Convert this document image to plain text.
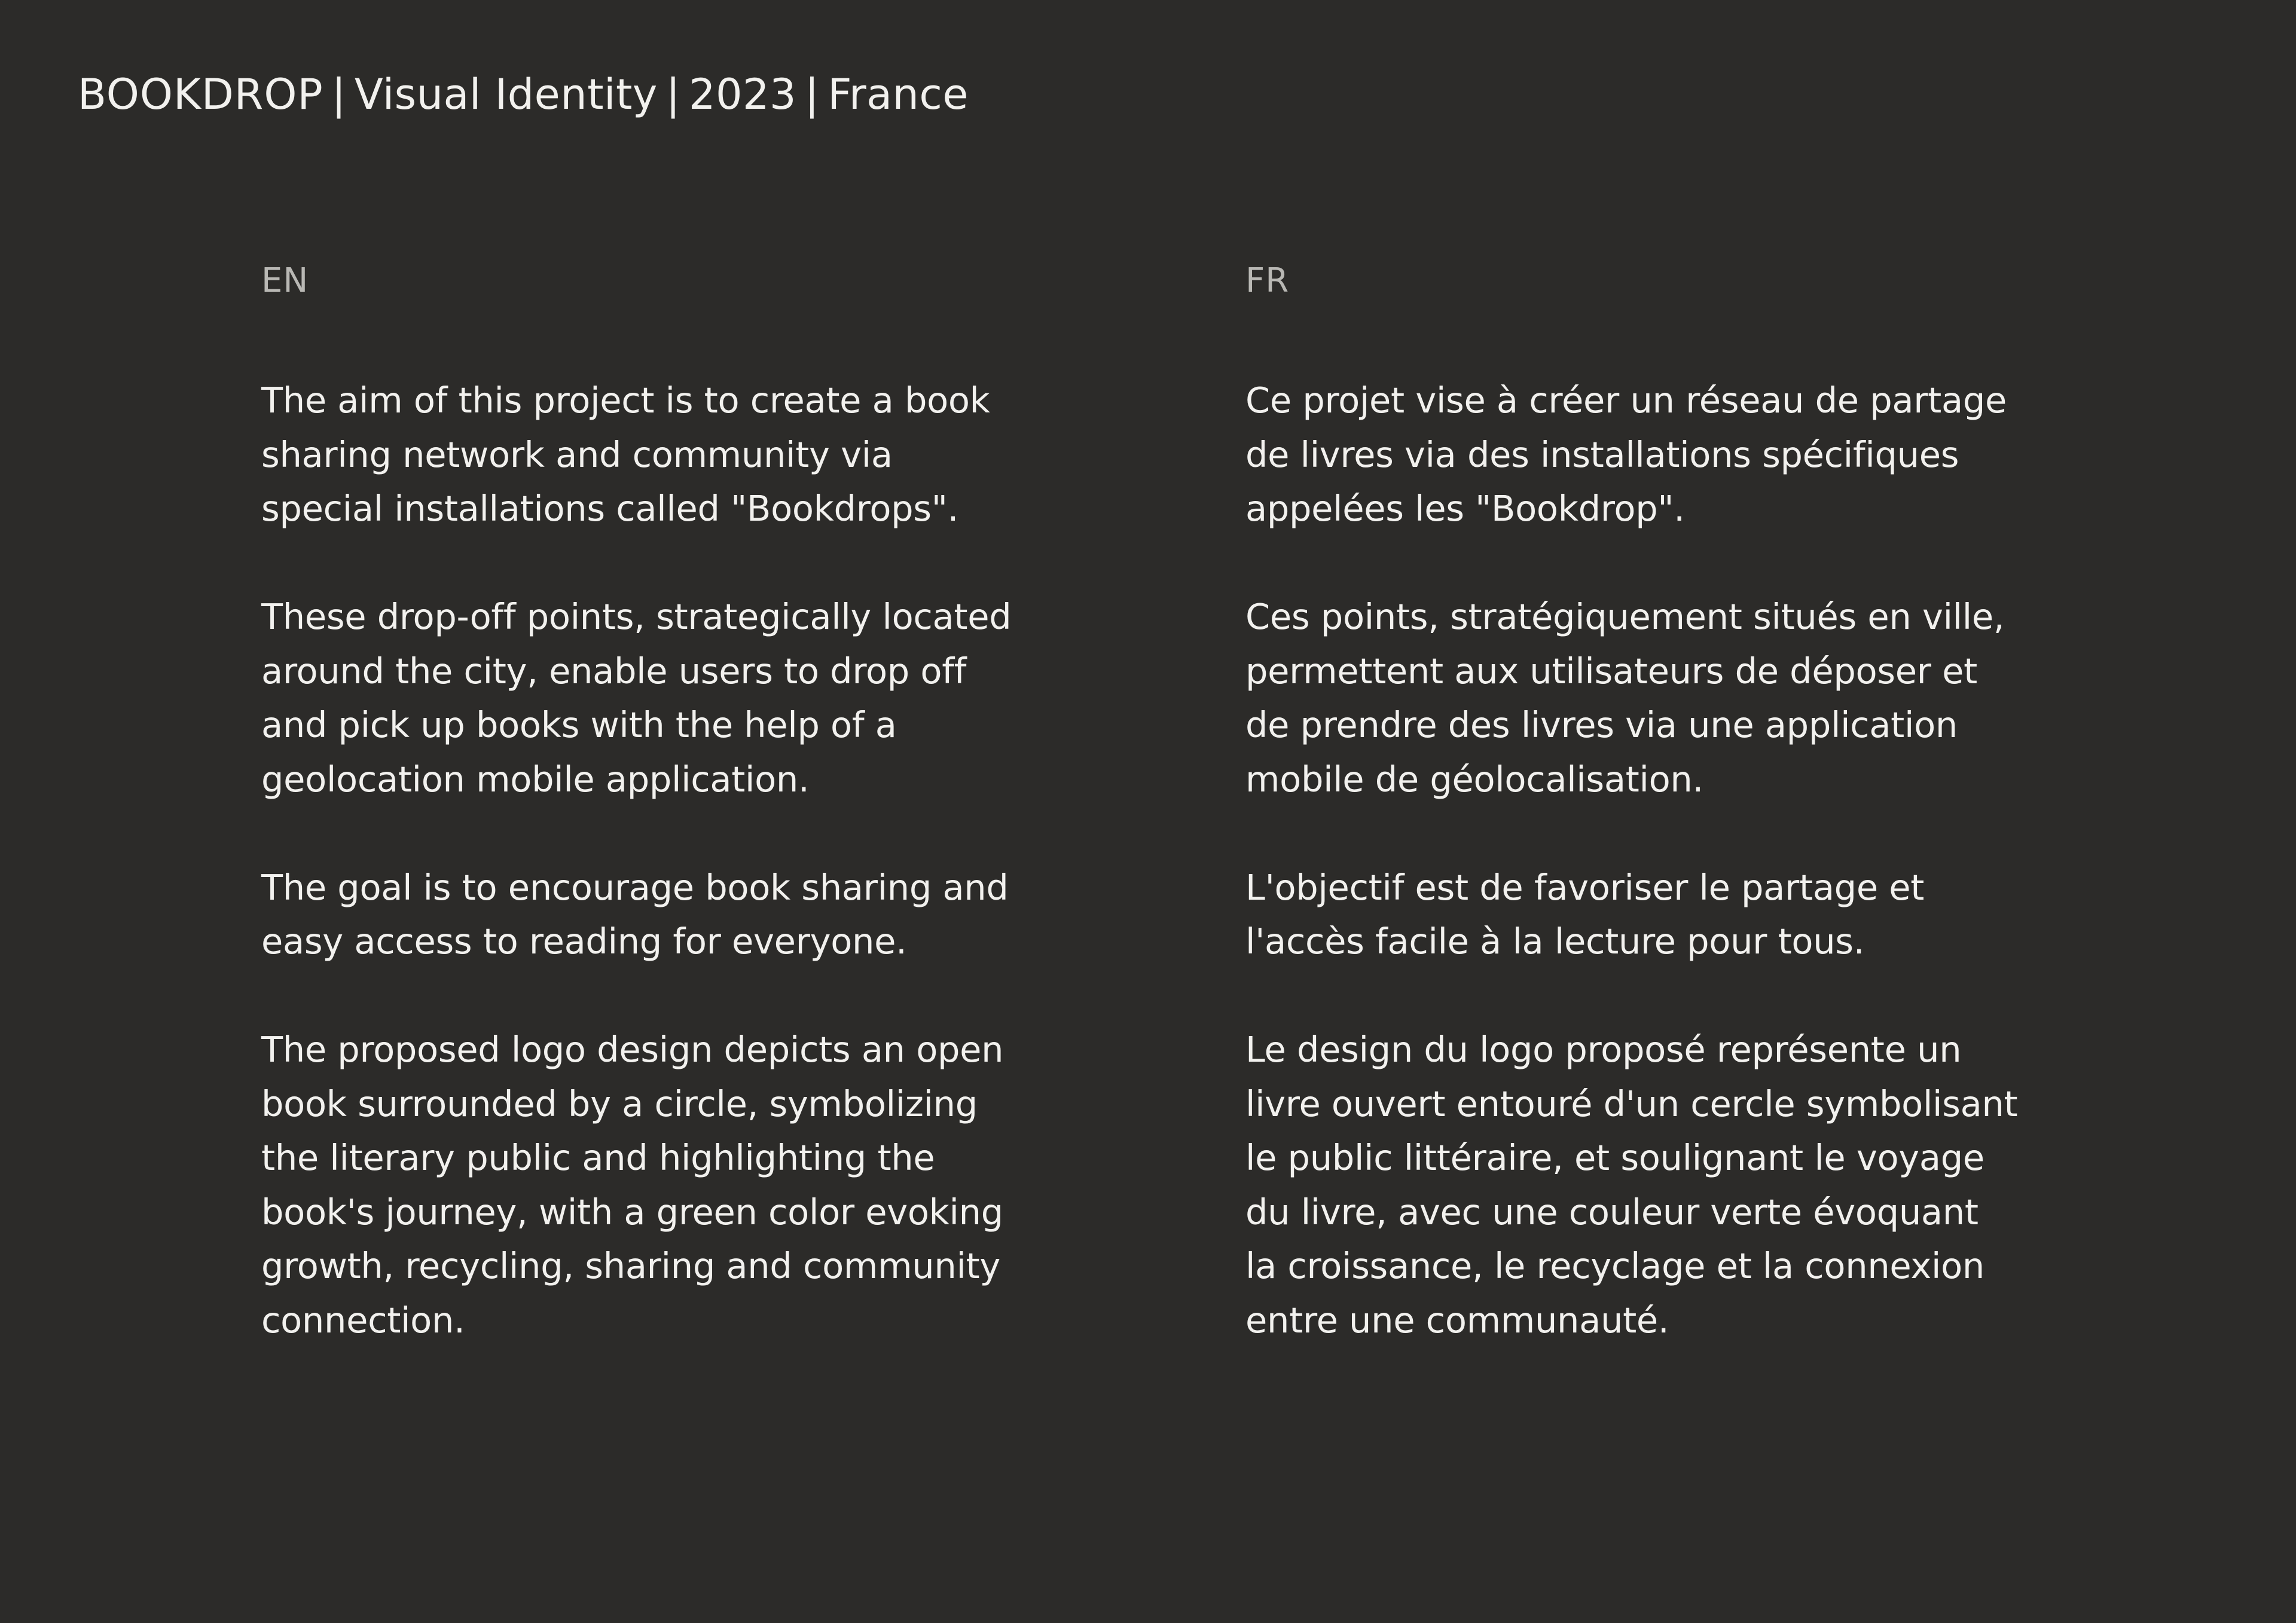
BOOKDROP | Visual Identity | 2023 | France
EN

The aim of this project is to create a book
sharing network and community via
special installations called "Bookdrops".

These drop-off points, strategically located
around the city, enable users to drop off
and pick up books with the help of a
geolocation mobile application.

The goal is to encourage book sharing and
easy access to reading for everyone.

The proposed logo design depicts an open
book surrounded by a circle, symbolizing
the literary public and highlighting the
book's journey, with a green color evoking
growth, recycling, sharing and community
connection.

FR

Ce projet vise à créer un réseau de partage
de livres via des installations spécifiques
appelées les "Bookdrop".

Ces points, stratégiquement situés en ville,
permettent aux utilisateurs de déposer et
de prendre des livres via une application
mobile de géolocalisation.

L'objectif est de favoriser le partage et
l'accès facile à la lecture pour tous.

Le design du logo proposé représente un
livre ouvert entouré d'un cercle symbolisant
le public littéraire, et soulignant le voyage
du livre, avec une couleur verte évoquant
la croissance, le recyclage et la connexion
entre une communauté.
